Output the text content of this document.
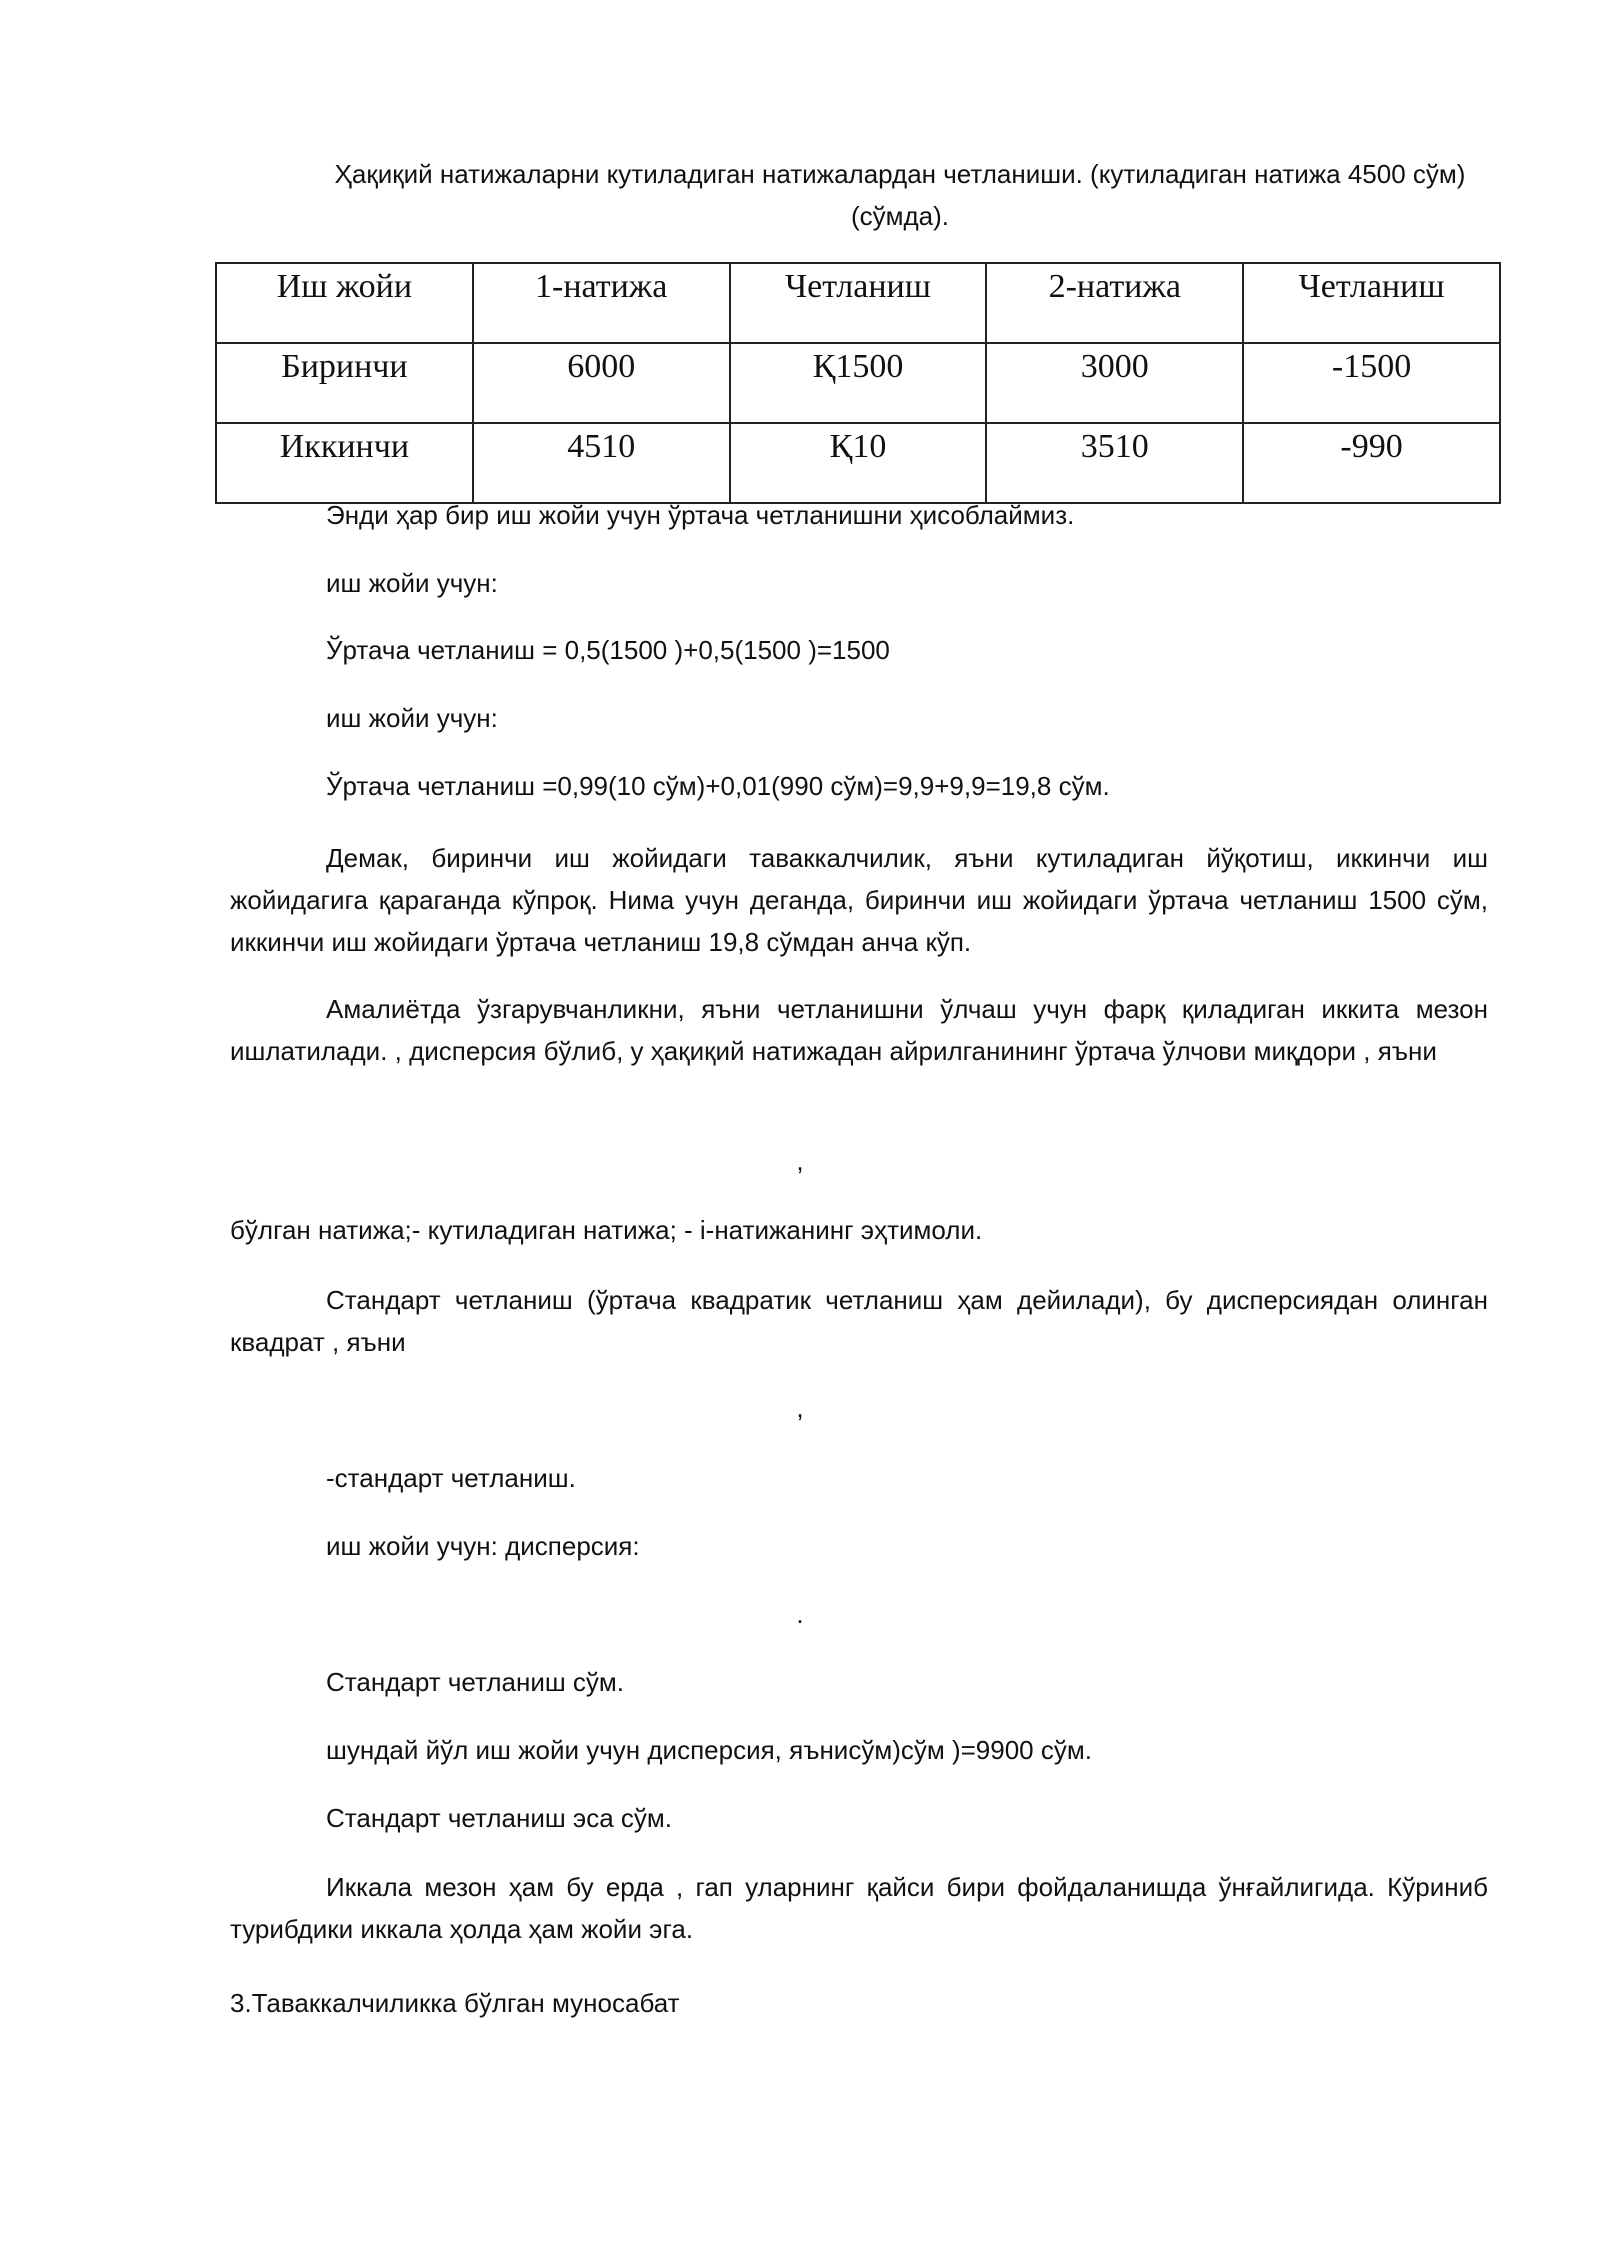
Ҳақиқий натижаларни кутиладиган натижалардан четланиши. (кутиладиган натижа 4500 сўм) (сўмда).
Иш жойи	1-натижа	Четланиш	2-натижа	Четланиш
Биринчи	6000	Қ1500	3000	-1500
Иккинчи	4510	Қ10	3510	-990
Энди ҳар бир иш жойи учун ўртача четланишни ҳисоблаймиз.
иш жойи учун:
Ўртача четланиш = 0,5(1500 )+0,5(1500 )=1500
иш жойи учун:
Ўртача четланиш =0,99(10 сўм)+0,01(990 сўм)=9,9+9,9=19,8 сўм.
Демак, биринчи иш жойидаги таваккалчилик, яъни кутиладиган йўқотиш, иккинчи иш жойидагига қараганда кўпроқ. Нима учун деганда, биринчи иш жойидаги ўртача четланиш 1500 сўм, иккинчи иш жойидаги ўртача четланиш 19,8 сўмдан анча кўп.
Амалиётда ўзгарувчанликни, яъни четланишни ўлчаш учун фарқ қиладиган иккита мезон ишлатилади. , дисперсия бўлиб, у ҳақиқий натижадан айрилганининг ўртача ўлчови миқдори , яъни
,
бўлган натижа;- кутиладиган натижа; - i-натижанинг эҳтимоли.
Стандарт четланиш (ўртача квадратик четланиш ҳам дейилади), бу дисперсиядан олинган квадрат , яъни
,
-стандарт четланиш.
иш жойи учун: дисперсия:
.
Стандарт четланиш сўм.
шундай йўл иш жойи учун дисперсия, яънисўм)сўм )=9900 сўм.
Стандарт четланиш эса сўм.
Иккала мезон ҳам бу ерда , гап уларнинг қайси бири фойдаланишда ўнғайлигида. Кўриниб турибдики иккала ҳолда ҳам жойи эга.
3.Таваккалчиликка бўлган муносабат
